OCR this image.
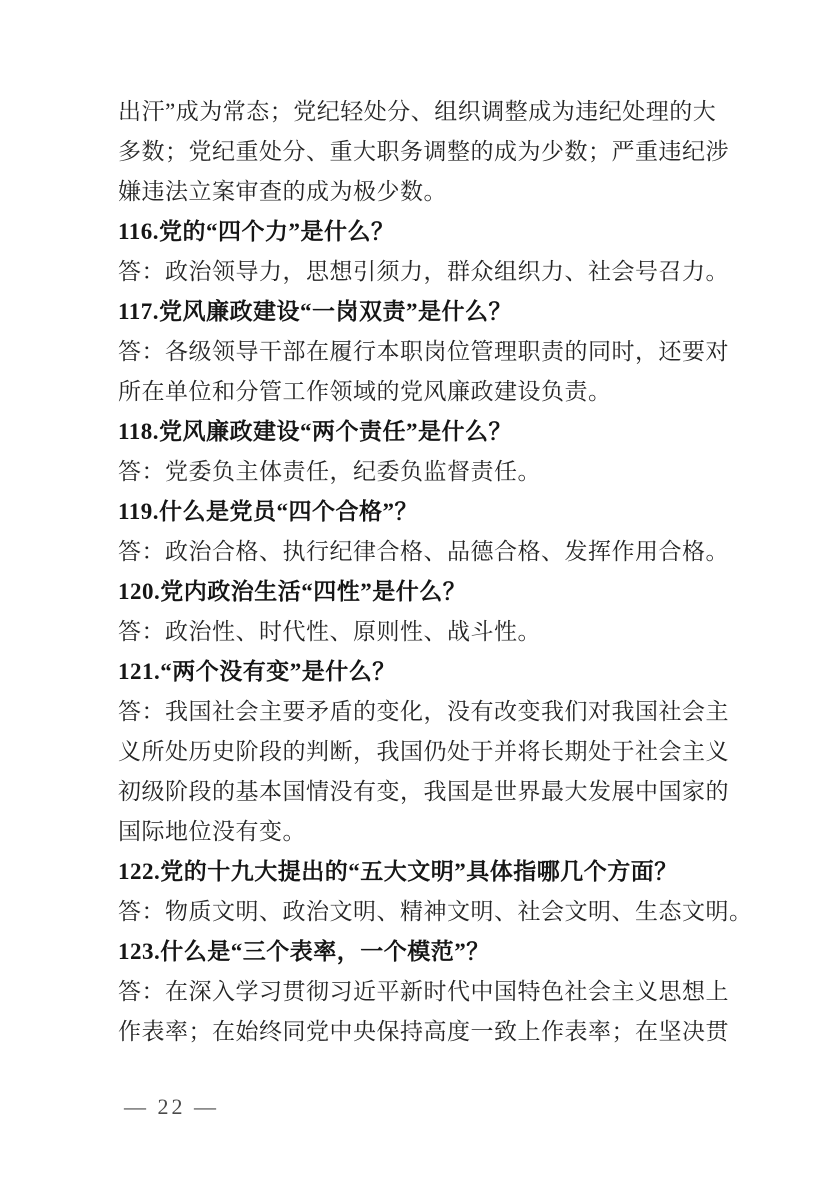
出汗”成为常态；党纪轻处分、组织调整成为违纪处理的大
多数；党纪重处分、重大职务调整的成为少数；严重违纪涉
嫌违法立案审查的成为极少数。
116.党的“四个力”是什么？
答：政治领导力，思想引须力，群众组织力、社会号召力。
117.党风廉政建设“一岗双责”是什么？
答：各级领导干部在履行本职岗位管理职责的同时，还要对
所在单位和分管工作领域的党风廉政建设负责。
118.党风廉政建设“两个责任”是什么？
答：党委负主体责任，纪委负监督责任。
119.什么是党员“四个合格”？
答：政治合格、执行纪律合格、品德合格、发挥作用合格。
120.党内政治生活“四性”是什么？
答：政治性、时代性、原则性、战斗性。
121.“两个没有变”是什么？
答：我国社会主要矛盾的变化，没有改变我们对我国社会主
义所处历史阶段的判断，我国仍处于并将长期处于社会主义
初级阶段的基本国情没有变，我国是世界最大发展中国家的
国际地位没有变。
122.党的十九大提出的“五大文明”具体指哪几个方面？
答：物质文明、政治文明、精神文明、社会文明、生态文明。
123.什么是“三个表率，一个模范”？
答：在深入学习贯彻习近平新时代中国特色社会主义思想上
作表率；在始终同党中央保持高度一致上作表率；在坚决贯
— 22 —
